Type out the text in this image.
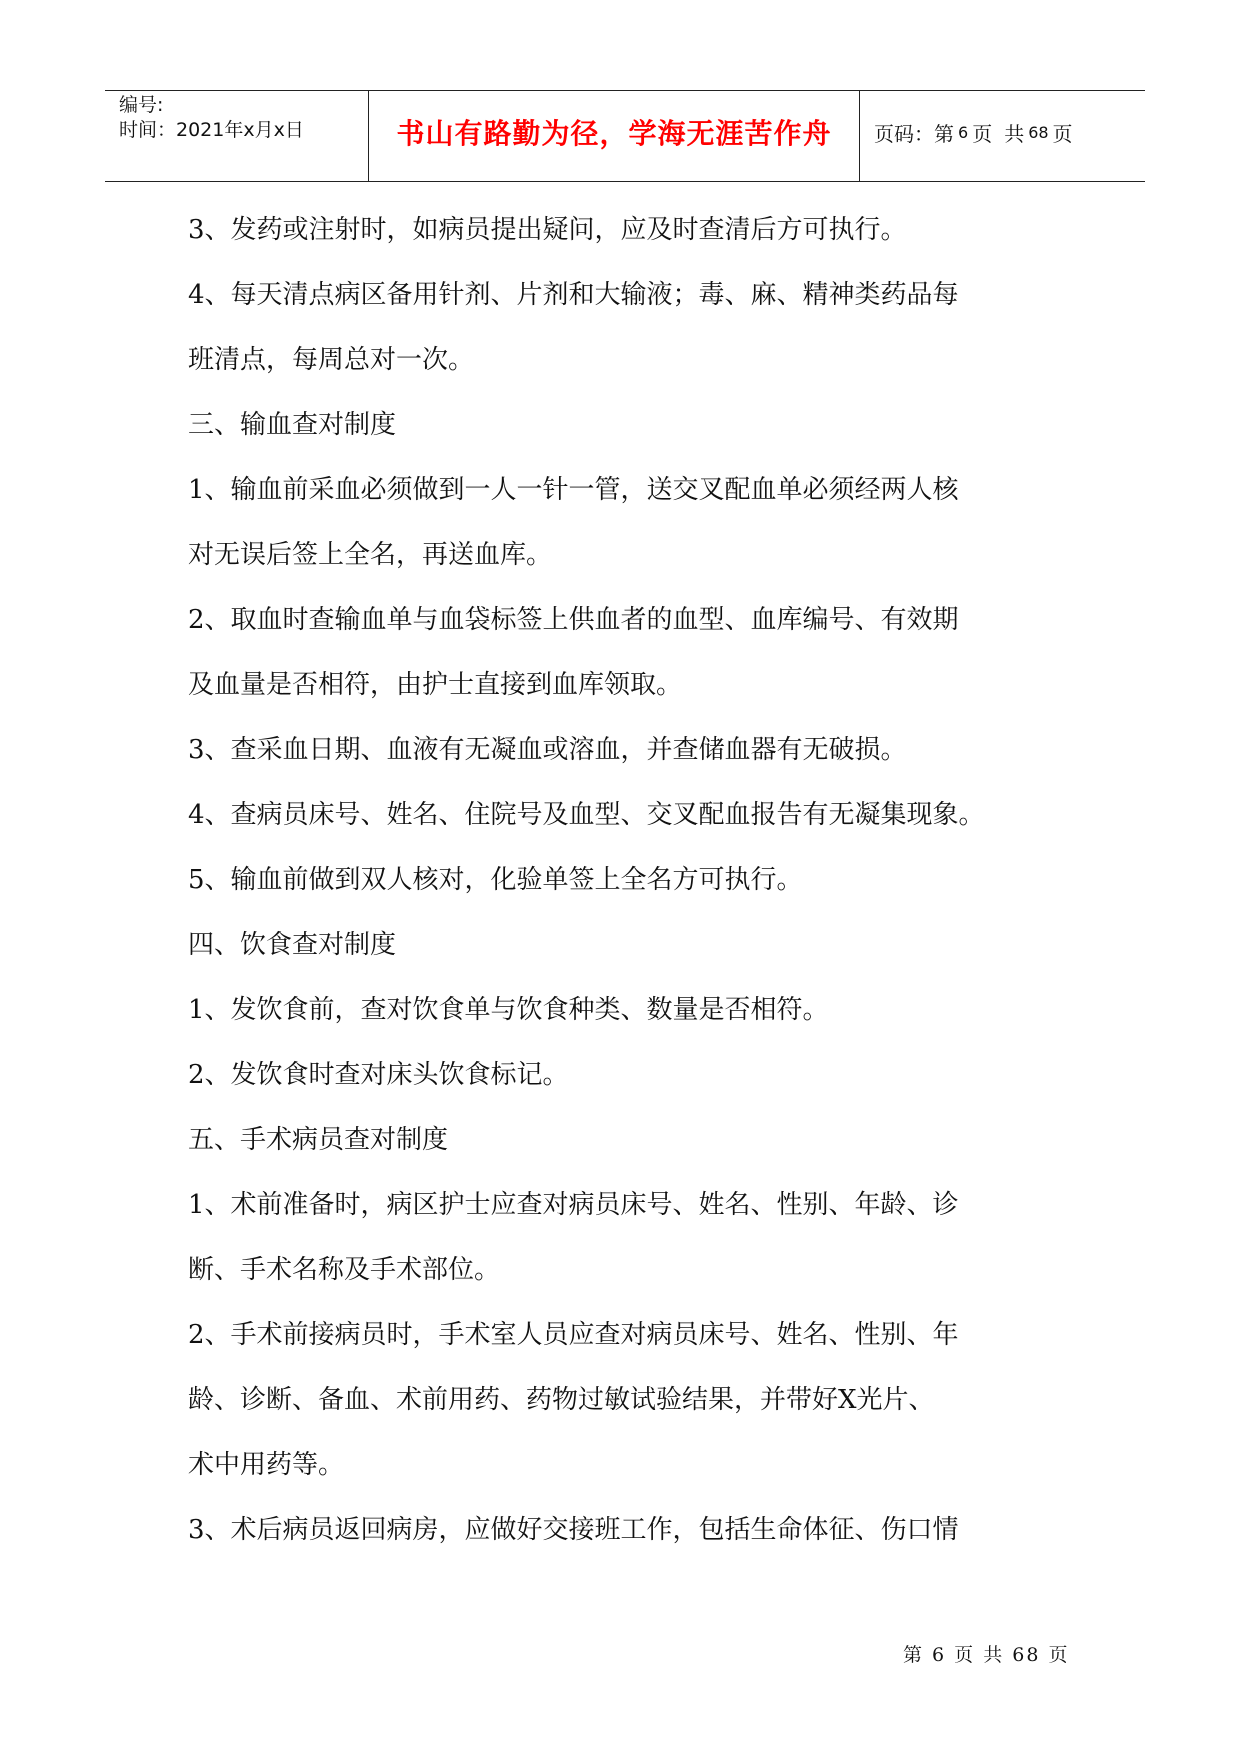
编号:
时间：2021年x月x日	书山有路勤为径，学海无涯苦作舟 页码：第 6 页 共 68 页
3、发药或注射时，如病员提出疑问，应及时查清后方可执行。
4、每天清点病区备用针剂、片剂和大输液；毒、麻、精神类药品每
班清点，每周总对一次。
三、输血查对制度
1、输血前采血必须做到一人一针一管，送交叉配血单必须经两人核
对无误后签上全名，再送血库。
2、取血时查输血单与血袋标签上供血者的血型、血库编号、有效期
及血量是否相符，由护士直接到血库领取。
3、查采血日期、血液有无凝血或溶血，并查储血器有无破损。
4、查病员床号、姓名、住院号及血型、交叉配血报告有无凝集现象。
5、输血前做到双人核对，化验单签上全名方可执行。
四、饮食查对制度
1、发饮食前，查对饮食单与饮食种类、数量是否相符。
2、发饮食时查对床头饮食标记。
五、手术病员查对制度
1、术前准备时，病区护士应查对病员床号、姓名、性别、年龄、诊
断、手术名称及手术部位。
2、手术前接病员时，手术室人员应查对病员床号、姓名、性别、年
龄、诊断、备血、术前用药、药物过敏试验结果，并带好X光片、
术中用药等。
3、术后病员返回病房，应做好交接班工作，包括生命体征、伤口情
第 6 页 共 68 页
